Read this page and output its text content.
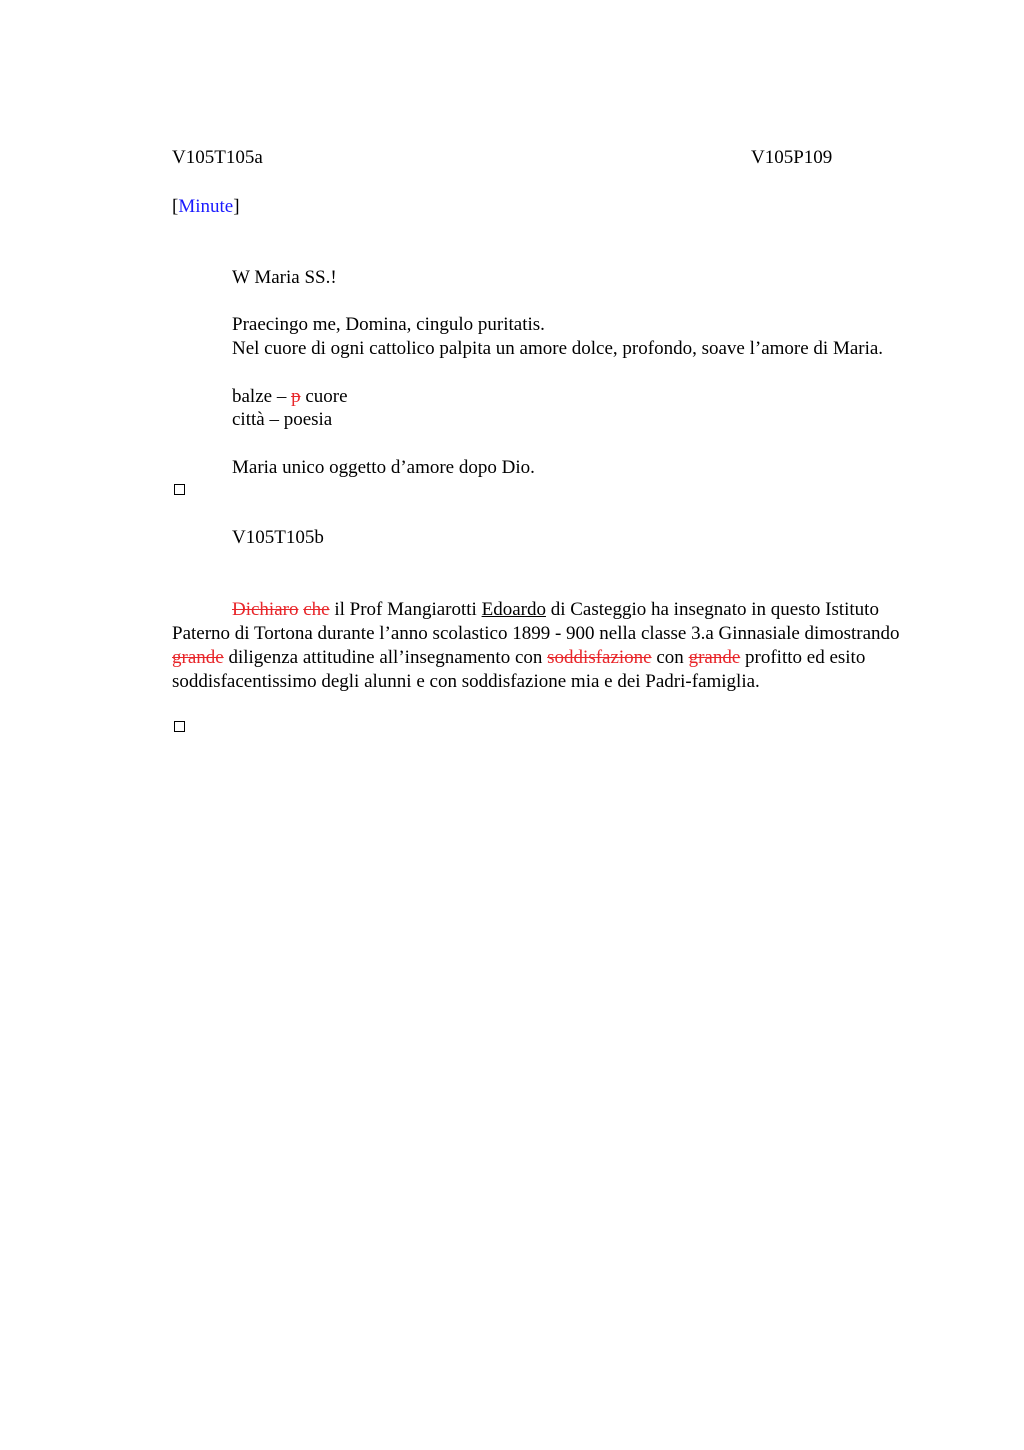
V105T105a	V105P109
[Minute]
W Maria SS.!
Praecingo me, Domina, cingulo puritatis.
Nel cuore di ogni cattolico palpita un amore dolce, profondo, soave l’amore di Maria.
balze – p cuore
città – poesia
Maria unico oggetto d’amore dopo Dio.
V105T105b
Dichiaro che il Prof Mangiarotti Edoardo di Casteggio ha insegnato in questo Istituto Paterno di Tortona durante l’anno scolastico 1899 - 900 nella classe 3.a Ginnasiale dimostrando grande diligenza attitudine all’insegnamento con soddisfazione con grande profitto ed esito soddisfacentissimo degli alunni e con soddisfazione mia e dei Padri-famiglia.
